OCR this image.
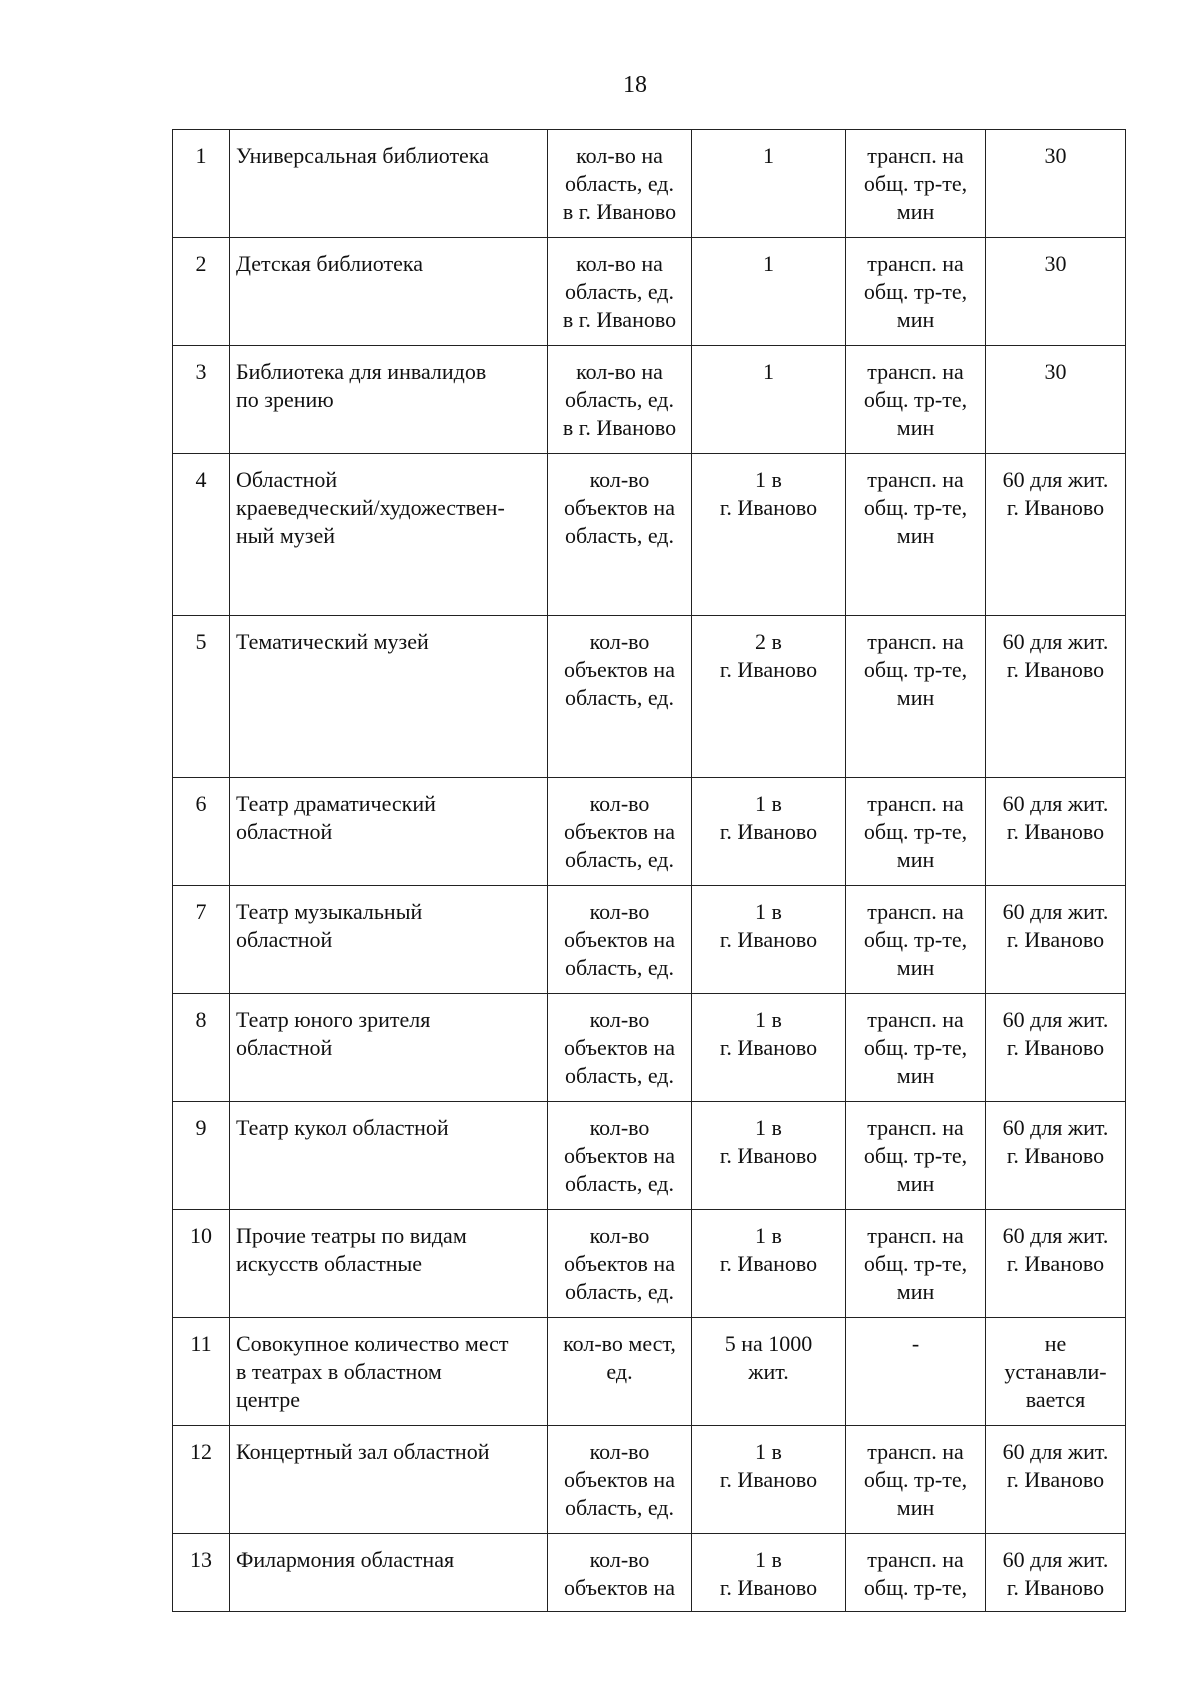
18
1	Универсальная библиотека	кол-во на
область, ед.
в г. Иваново	1	трансп. на
общ. тр-те,
мин	30
2	Детская библиотека	кол-во на
область, ед.
в г. Иваново	1	трансп. на
общ. тр-те,
мин	30
3	Библиотека для инвалидов
по зрению	кол-во на
область, ед.
в г. Иваново	1	трансп. на
общ. тр-те,
мин	30
4	Областной
краеведческий/художествен-
ный музей	кол-во
объектов на
область, ед.	1 в
г. Иваново	трансп. на
общ. тр-те,
мин	60 для жит.
г. Иваново
5	Тематический музей	кол-во
объектов на
область, ед.	2 в
г. Иваново	трансп. на
общ. тр-те,
мин	60 для жит.
г. Иваново
6	Театр драматический
областной	кол-во
объектов на
область, ед.	1 в
г. Иваново	трансп. на
общ. тр-те,
мин	60 для жит.
г. Иваново
7	Театр музыкальный
областной	кол-во
объектов на
область, ед.	1 в
г. Иваново	трансп. на
общ. тр-те,
мин	60 для жит.
г. Иваново
8	Театр юного зрителя
областной	кол-во
объектов на
область, ед.	1 в
г. Иваново	трансп. на
общ. тр-те,
мин	60 для жит.
г. Иваново
9	Театр кукол областной	кол-во
объектов на
область, ед.	1 в
г. Иваново	трансп. на
общ. тр-те,
мин	60 для жит.
г. Иваново
10	Прочие театры по видам
искусств областные	кол-во
объектов на
область, ед.	1 в
г. Иваново	трансп. на
общ. тр-те,
мин	60 для жит.
г. Иваново
11	Совокупное количество мест
в театрах в областном
центре	кол-во мест,
ед.	5 на 1000
жит.	-	не
устанавли-
вается
12	Концертный зал областной	кол-во
объектов на
область, ед.	1 в
г. Иваново	трансп. на
общ. тр-те,
мин	60 для жит.
г. Иваново
13	Филармония областная	кол-во
объектов на	1 в
г. Иваново	трансп. на
общ. тр-те,	60 для жит.
г. Иваново
